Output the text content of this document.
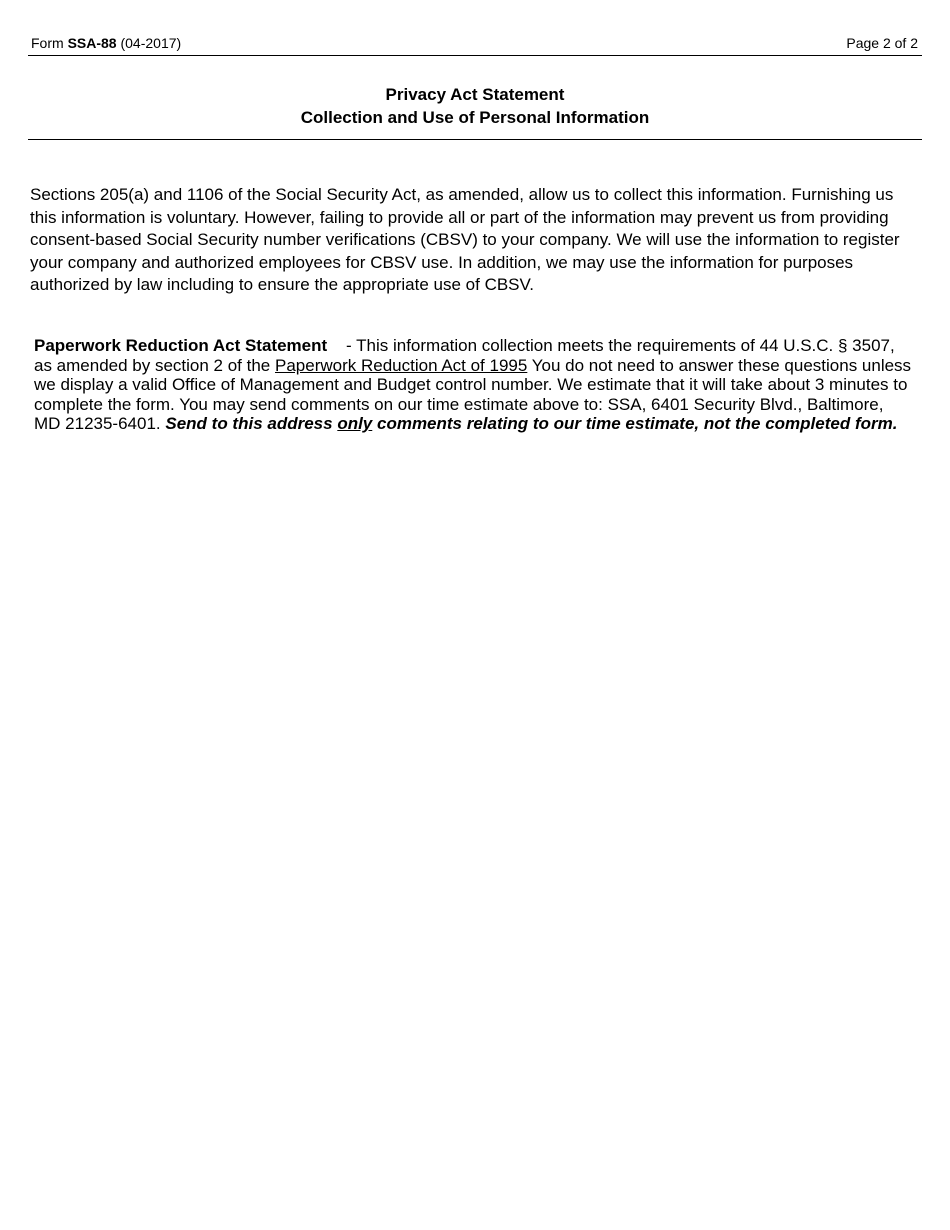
Form SSA-88 (04-2017)	Page 2 of 2
Privacy Act Statement
Collection and Use of Personal Information

Sections 205(a) and 1106 of the Social Security Act, as amended, allow us to collect this information. Furnishing us this information is voluntary. However, failing to provide all or part of the information may prevent us from providing consent-based Social Security number verifications (CBSV) to your company. We will use the information to register your company and authorized employees for CBSV use. In addition, we may use the information for purposes authorized by law including to ensure the appropriate use of CBSV.

Paperwork Reduction Act Statement    - This information collection meets the requirements of 44 U.S.C. § 3507, as amended by section 2 of the Paperwork Reduction Act of 1995 You do not need to answer these questions unless we display a valid Office of Management and Budget control number. We estimate that it will take about 3 minutes to complete the form. You may send comments on our time estimate above to: SSA, 6401 Security Blvd., Baltimore, MD 21235-6401. Send to this address only comments relating to our time estimate, not the completed form.
